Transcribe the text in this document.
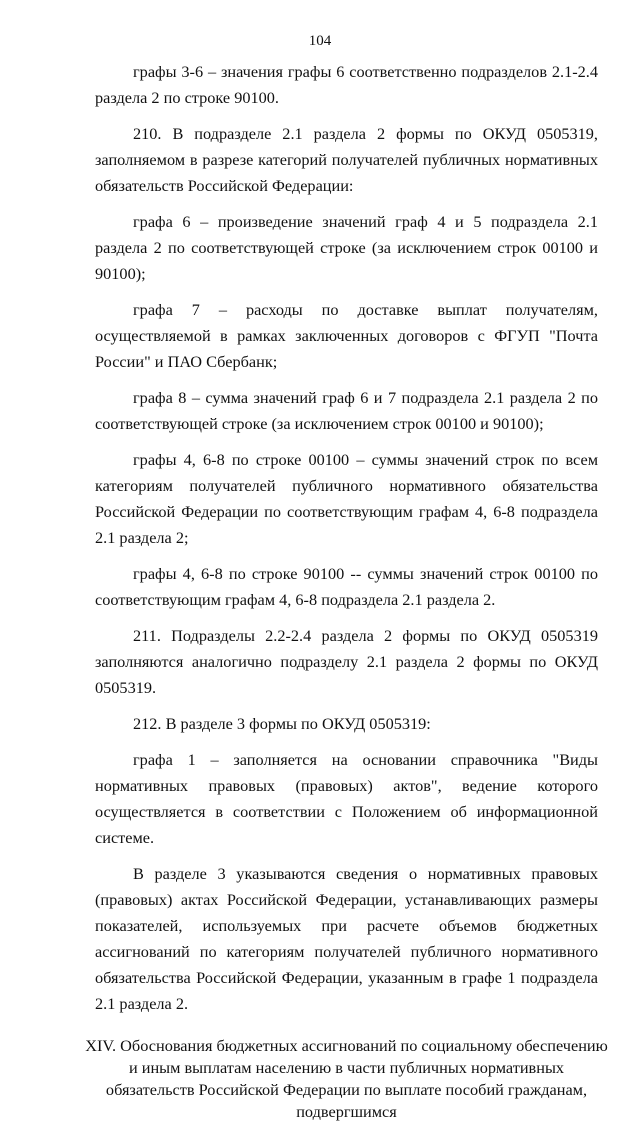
104

графы 3-6 – значения графы 6 соответственно подразделов 2.1-2.4 раздела 2 по строке 90100.

210. В подразделе 2.1 раздела 2 формы по ОКУД 0505319, заполняемом в разрезе категорий получателей публичных нормативных обязательств Российской Федерации:

графа 6 – произведение значений граф 4 и 5 подраздела 2.1 раздела 2 по соответствующей строке (за исключением строк 00100 и 90100);

графа 7 – расходы по доставке выплат получателям, осуществляемой в рамках заключенных договоров с ФГУП "Почта России" и ПАО Сбербанк;

графа 8 – сумма значений граф 6 и 7 подраздела 2.1 раздела 2 по соответствующей строке (за исключением строк 00100 и 90100);

графы 4, 6-8 по строке 00100 – суммы значений строк по всем категориям получателей публичного нормативного обязательства Российской Федерации по соответствующим графам 4, 6-8 подраздела 2.1 раздела 2;

графы 4, 6-8 по строке 90100 -- суммы значений строк 00100 по соответствующим графам 4, 6-8 подраздела 2.1 раздела 2.

211. Подразделы 2.2-2.4 раздела 2 формы по ОКУД 0505319 заполняются аналогично подразделу 2.1 раздела 2 формы по ОКУД 0505319.

212. В разделе 3 формы по ОКУД 0505319:

графа 1 – заполняется на основании справочника "Виды нормативных правовых (правовых) актов", ведение которого осуществляется в соответствии с Положением об информационной системе.

В разделе 3 указываются сведения о нормативных правовых (правовых) актах Российской Федерации, устанавливающих размеры показателей, используемых при расчете объемов бюджетных ассигнований по категориям получателей публичного нормативного обязательства Российской Федерации, указанным в графе 1 подраздела 2.1 раздела 2.

XIV. Обоснования бюджетных ассигнований по социальному обеспечению и иным выплатам населению в части публичных нормативных обязательств Российской Федерации по выплате пособий гражданам, подвергшимся
